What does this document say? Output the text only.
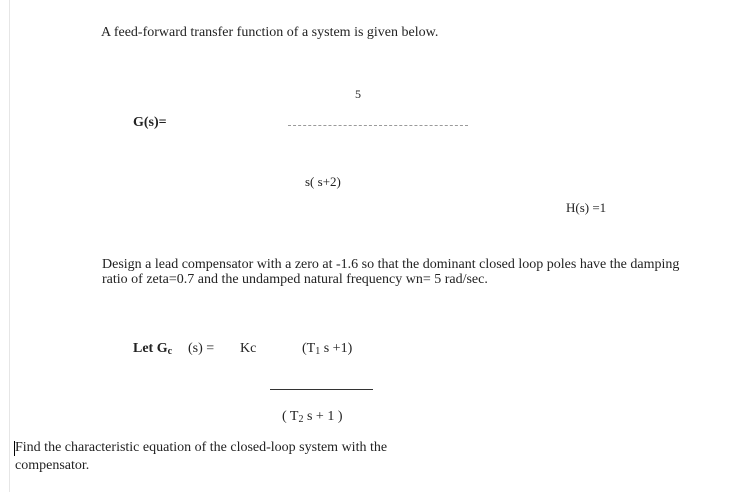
A feed-forward transfer function of a system is given below.
G(s)=
5
s( s+2)
H(s) =1
Design a lead compensator with a zero at -1.6 so that the dominant closed loop poles have the damping ratio of zeta=0.7 and the undamped natural frequency wn= 5 rad/sec.
Let $G_c$ (s) = Kc	($T_1$ s +1)
( $T_2$ s + 1 )
Find the characteristic equation of the closed-loop system with the compensator.
